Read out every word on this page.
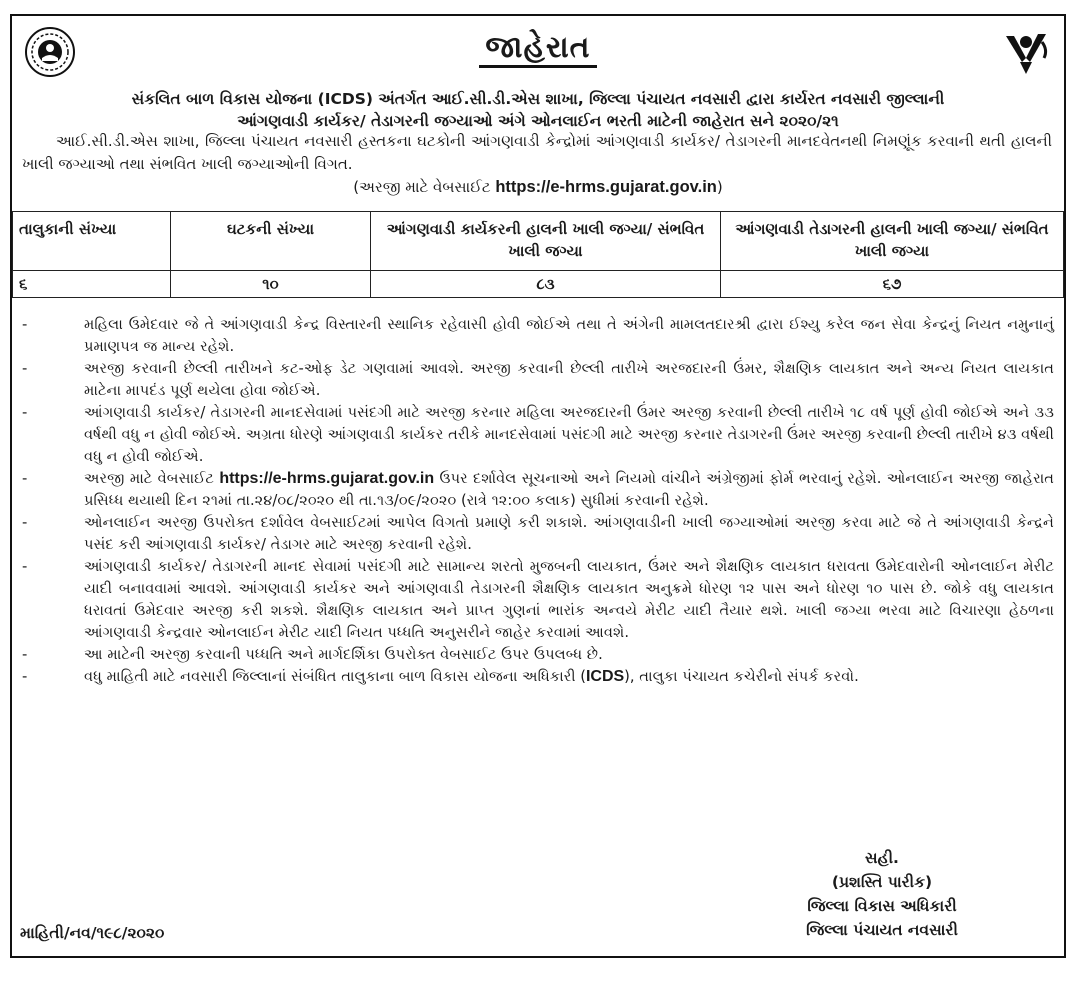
જાહેરાત
સંકલિત બાળ વિકાસ યોજના (ICDS) અંતર્ગત આઈ.સી.ડી.એસ શાખા, જિલ્લા પંચાયત નવસારી દ્વારા કાર્યરત નવસારી જીલ્લાની
આંગણવાડી કાર્યકર/ તેડાગરની જગ્યાઓ અંગે ઓનલાઈન ભરતી માટેની જાહેરાત સને ૨૦૨૦/૨૧
આઈ.સી.ડી.એસ શાખા, જિલ્લા પંચાયત નવસારી હસ્તકના ઘટકોની આંગણવાડી કેન્દ્રોમાં આંગણવાડી કાર્યકર/ તેડાગરની માનદવેતનથી નિમણૂંક કરવાની થતી હાલની ખાલી જગ્યાઓ તથા સંભવિત ખાલી જગ્યાઓની વિગત.
(અરજી માટે વેબસાઈટ https://e-hrms.gujarat.gov.in)
તાલુકાની સંખ્યા	ઘટકની સંખ્યા	આંગણવાડી કાર્યકરની હાલની ખાલી જગ્યા/ સંભવિત ખાલી જગ્યા	આંગણવાડી તેડાગરની હાલની ખાલી જગ્યા/ સંભવિત ખાલી જગ્યા
૬	૧૦	૮૩	૬૭
- મહિલા ઉમેદવાર જે તે આંગણવાડી કેન્દ્ર વિસ્તારની સ્થાનિક રહેવાસી હોવી જોઈએ તથા તે અંગેની મામલતદારશ્રી દ્વારા ઈશ્યુ કરેલ જન સેવા કેન્દ્રનું નિયત નમુનાનું પ્રમાણપત્ર જ માન્ય રહેશે.
- અરજી કરવાની છેલ્લી તારીખને કટ-ઓફ ડેટ ગણવામાં આવશે. અરજી કરવાની છેલ્લી તારીખે અરજદારની ઉંમર, શૈક્ષણિક લાયકાત અને અન્ય નિયત લાયકાત માટેના માપદંડ પૂર્ણ થયેલા હોવા જોઈએ.
- આંગણવાડી કાર્યકર/ તેડાગરની માનદસેવામાં પસંદગી માટે અરજી કરનાર મહિલા અરજદારની ઉંમર અરજી કરવાની છેલ્લી તારીખે ૧૮ વર્ષ પૂર્ણ હોવી જોઈએ અને ૩૩ વર્ષથી વધુ ન હોવી જોઈએ. અગ્રતા ધોરણે આંગણવાડી કાર્યકર તરીકે માનદસેવામાં પસંદગી માટે અરજી કરનાર તેડાગરની ઉંમર અરજી કરવાની છેલ્લી તારીખે ૪૩ વર્ષથી વધુ ન હોવી જોઈએ.
- અરજી માટે વેબસાઈટ https://e-hrms.gujarat.gov.in ઉપર દર્શાવેલ સૂચનાઓ અને નિયમો વાંચીને અંગ્રેજીમાં ફોર્મ ભરવાનું રહેશે. ઓનલાઈન અરજી જાહેરાત પ્રસિધ્ધ થયાથી દિન ૨૧માં તા.૨૪/૦૮/૨૦૨૦ થી તા.૧૩/૦૯/૨૦૨૦ (રાત્રે ૧૨:૦૦ કલાક) સુધીમાં કરવાની રહેશે.
- ઓનલાઈન અરજી ઉપરોક્ત દર્શાવેલ વેબસાઈટમાં આપેલ વિગતો પ્રમાણે કરી શકાશે. આંગણવાડીની ખાલી જગ્યાઓમાં અરજી કરવા માટે જે તે આંગણવાડી કેન્દ્રને પસંદ કરી આંગણવાડી કાર્યકર/ તેડાગર માટે અરજી કરવાની રહેશે.
- આંગણવાડી કાર્યકર/ તેડાગરની માનદ સેવામાં પસંદગી માટે સામાન્ય શરતો મુજબની લાયકાત, ઉંમર અને શૈક્ષણિક લાયકાત ધરાવતા ઉમેદવારોની ઓનલાઈન મેરીટ યાદી બનાવવામાં આવશે. આંગણવાડી કાર્યકર અને આંગણવાડી તેડાગરની શૈક્ષણિક લાયકાત અનુક્રમે ધોરણ ૧૨ પાસ અને ધોરણ ૧૦ પાસ છે. જોકે વધુ લાયકાત ધરાવતાં ઉમેદવાર અરજી કરી શકશે. શૈક્ષણિક લાયકાત અને પ્રાપ્ત ગુણનાં ભારાંક અન્વયે મેરીટ યાદી તૈયાર થશે. ખાલી જગ્યા ભરવા માટે વિચારણા હેઠળના આંગણવાડી કેન્દ્રવાર ઓનલાઈન મેરીટ યાદી નિયત પધ્ધતિ અનુસરીને જાહેર કરવામાં આવશે.
- આ માટેની અરજી કરવાની પધ્ધતિ અને માર્ગદર્શિકા ઉપરોક્ત વેબસાઈટ ઉપર ઉપલબ્ધ છે.
- વધુ માહિતી માટે નવસારી જિલ્લાનાં સંબંધિત તાલુકાના બાળ વિકાસ યોજના અધિકારી (ICDS), તાલુકા પંચાયત કચેરીનો સંપર્ક કરવો.
સહી.
(પ્રશસ્તિ પારીક)
જિલ્લા વિકાસ અધિકારી
જિલ્લા પંચાયત નવસારી
માહિતી/નવ/૧૯૮/૨૦૨૦
